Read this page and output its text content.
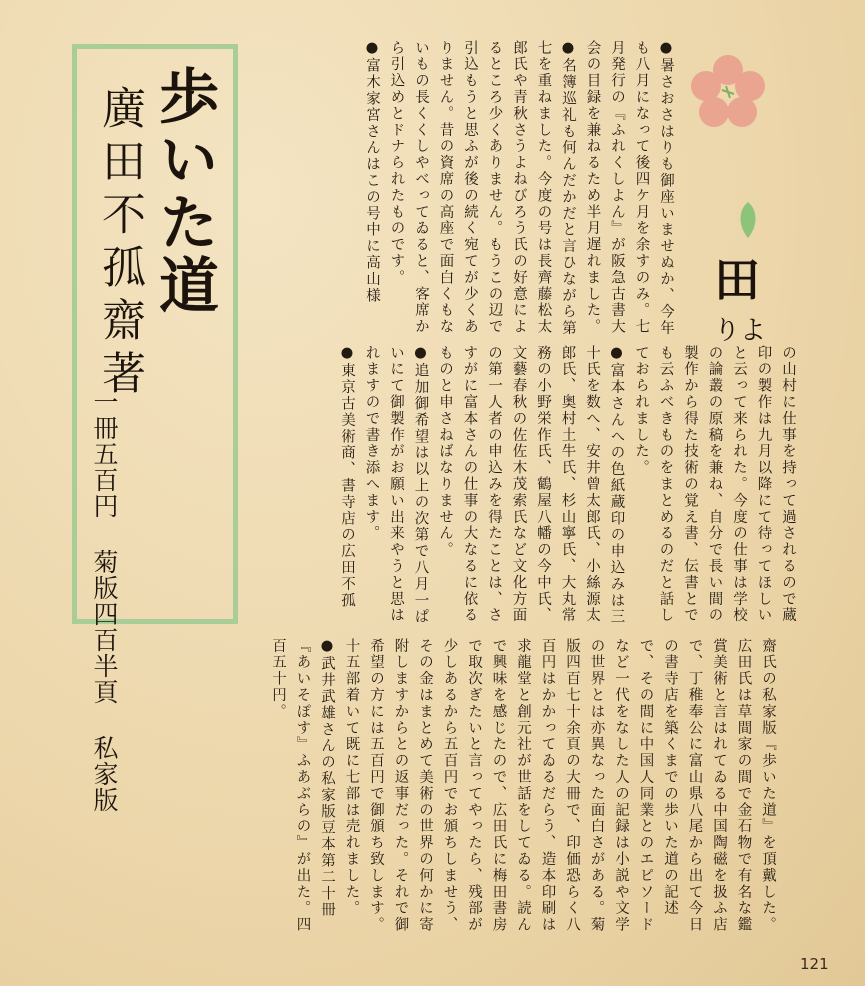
田
りよ
歩いた道
廣田不孤齋著
一冊五百円 菊版四百半頁 私家版

●暑さおさはりも御座いませぬか、今年も八月になって後四ケ月を余すのみ。七月発行の『ふれくしよん』が阪急古書大会の目録を兼ねるため半月遅れました。

●名簿巡礼も何んだかだと言ひながら第七を重ねました。今度の号は長齊藤松太郎氏や青秋さうよねびろう氏の好意によるところ少くありません。もうこの辺で引込もうと思ふが後の続く宛てが少くありません。昔の資席の高座で面白くもないもの長くくしやべってゐると、客席から引込めとドナられたものです。

●富木家宮さんはこの号中に高山様

の山村に仕事を持って過されるので蔵印の製作は九月以降にて待ってほしいと云って来られた。今度の仕事は学校の論叢の原稿を兼ね、自分で長い間の製作から得た技術の覚え書、伝書とでも云ふべきものをまとめるのだと話しておられました。

●富本さんへの色紙蔵印の申込みは三十氏を数へ、安井曾太郎氏、小絲源太郎氏、奥村土牛氏、杉山寧氏、大丸常務の小野栄作氏、鶴屋八幡の今中氏、文藝春秋の佐佐木茂索氏など文化方面の第一人者の申込みを得たことは、さすがに富本さんの仕事の大なるに依るものと申さねばなりません。

●追加御希望は以上の次第で八月一ぱいにて御製作がお願い出来やうと思はれますので書き添へます。

●東京古美術商、書寺店の広田不孤

齋氏の私家版『歩いた道』を頂戴した。広田氏は草間家の間で金石物で有名な鑑賞美術と言はれてゐる中国陶磁を扱ふ店で、丁稚奉公に富山県八尾から出て今日の書寺店を築くまでの歩いた道の記述で、その間に中国人同業とのエピソードなど一代をなした人の記録は小説や文学の世界とは亦異なった面白さがある。菊版四百七十余頁の大冊で、印価恐らく八百円はかかってゐるだらう、造本印刷は求龍堂と創元社が世話をしてゐる。読んで興味を感じたので、広田氏に梅田書房で取次ぎたいと言ってやったら、残部が少しあるから五百円でお頒ちしませう、その金はまとめて美術の世界の何かに寄附しますからとの返事だった。それで御希望の方には五百円で御頒ち致します。十五部着いて既に七部は売れました。

●武井武雄さんの私家版豆本第二十冊『あいそぽす』ふあぶらの』が出た。四百五十円。

121
